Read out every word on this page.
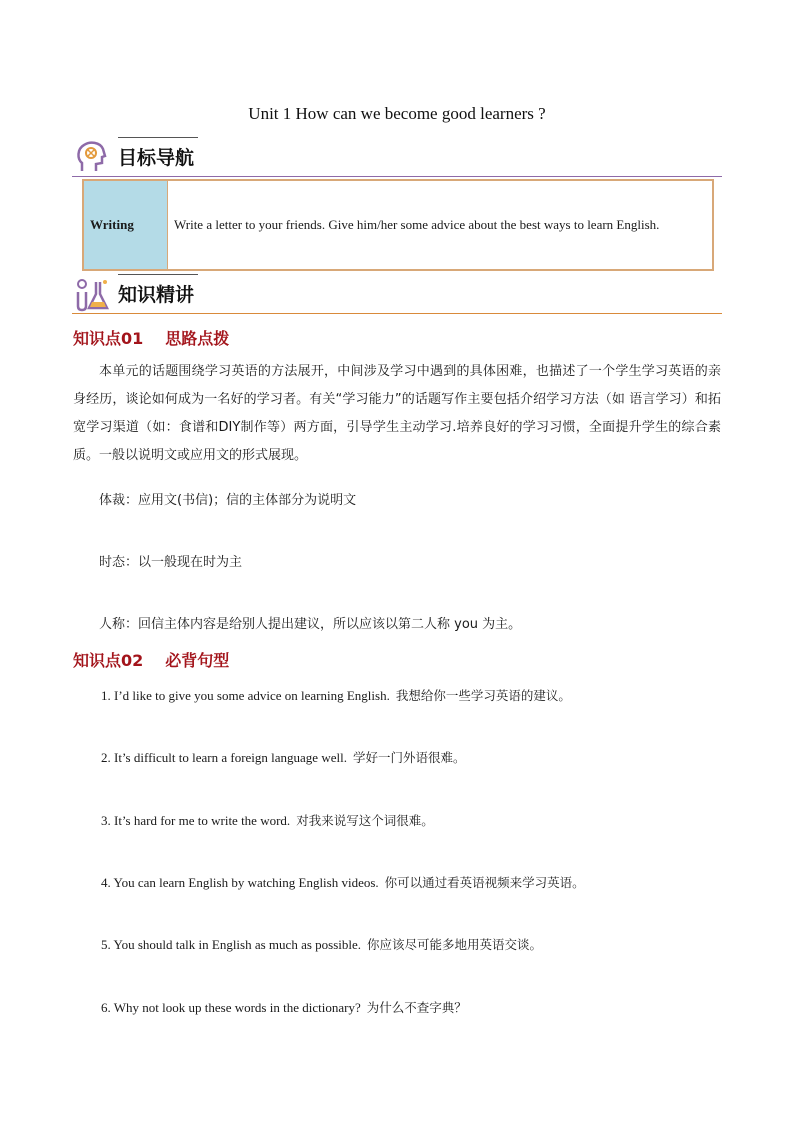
Unit 1 How can we become good learners ?
目标导航
Writing	Write a letter to your friends. Give him/her some advice about the best ways to learn English.
知识精讲
知识点01 思路点拨
本单元的话题围绕学习英语的方法展开，中间涉及学习中遇到的具体困难，也描述了一个学生学习英语的亲身经历，谈论如何成为一名好的学习者。有关“学习能力”的话题写作主要包括介绍学习方法（如 语言学习）和拓宽学习渠道（如：食谱和DIY制作等）两方面，引导学生主动学习.培养良好的学习习惯，全面提升学生的综合素质。一般以说明文或应用文的形式展现。
体裁：应用文(书信)；信的主体部分为说明文
时态：以一般现在时为主
人称：回信主体内容是给别人提出建议，所以应该以第二人称 you 为主。
知识点02 必背句型
1. I’d like to give you some advice on learning English. 我想给你一些学习英语的建议。
2. It’s difficult to learn a foreign language well. 学好一门外语很难。
3. It’s hard for me to write the word. 对我来说写这个词很难。
4. You can learn English by watching English videos. 你可以通过看英语视频来学习英语。
5. You should talk in English as much as possible. 你应该尽可能多地用英语交谈。
6. Why not look up these words in the dictionary? 为什么不查字典？
